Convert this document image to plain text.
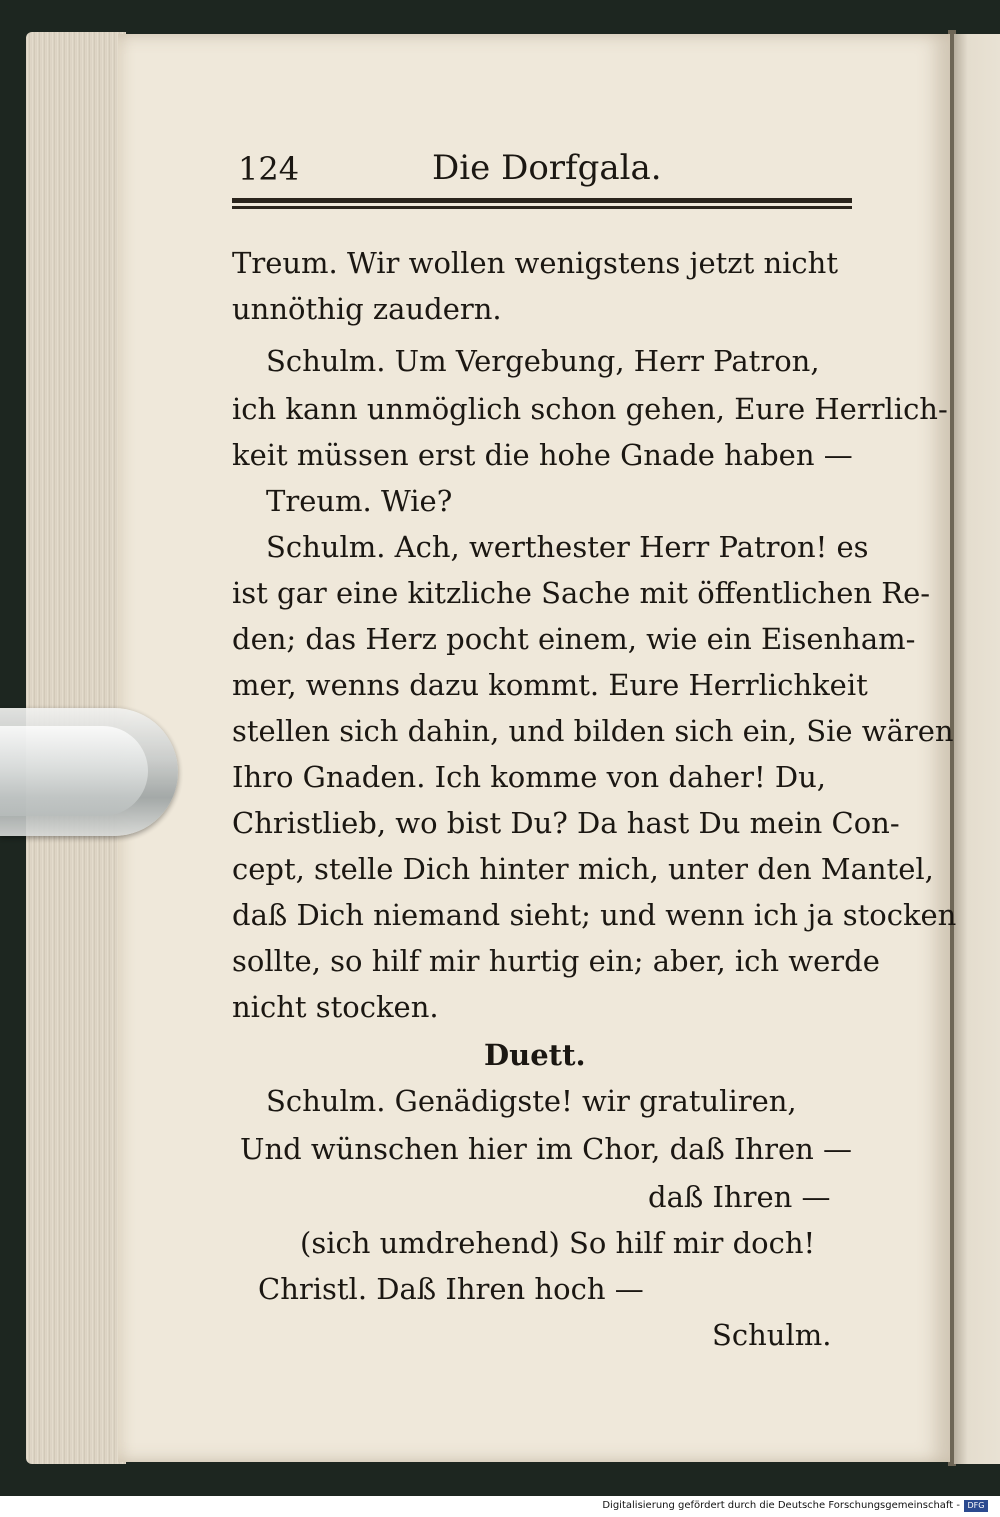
124	Die Dorfgala.
Treum. Wir wollen wenigstens jetzt nicht
unnöthig zaudern.
Schulm. Um Vergebung, Herr Patron,
ich kann unmöglich schon gehen, Eure Herrlich-
keit müssen erst die hohe Gnade haben —
Treum. Wie?
Schulm. Ach, werthester Herr Patron! es
ist gar eine kitzliche Sache mit öffentlichen Re-
den; das Herz pocht einem, wie ein Eisenham-
mer, wenns dazu kommt. Eure Herrlichkeit
stellen sich dahin, und bilden sich ein, Sie wären
Ihro Gnaden. Ich komme von daher! Du,
Christlieb, wo bist Du? Da hast Du mein Con-
cept, stelle Dich hinter mich, unter den Mantel,
daß Dich niemand sieht; und wenn ich ja stocken
sollte, so hilf mir hurtig ein; aber, ich werde
nicht stocken.
Duett.
Schulm. Genädigste! wir gratuliren,
Und wünschen hier im Chor, daß Ihren —
daß Ihren —
(sich umdrehend) So hilf mir doch!
Christl. Daß Ihren hoch —
Schulm.
Digitalisierung gefördert durch die Deutsche Forschungsgemeinschaft - DFG
